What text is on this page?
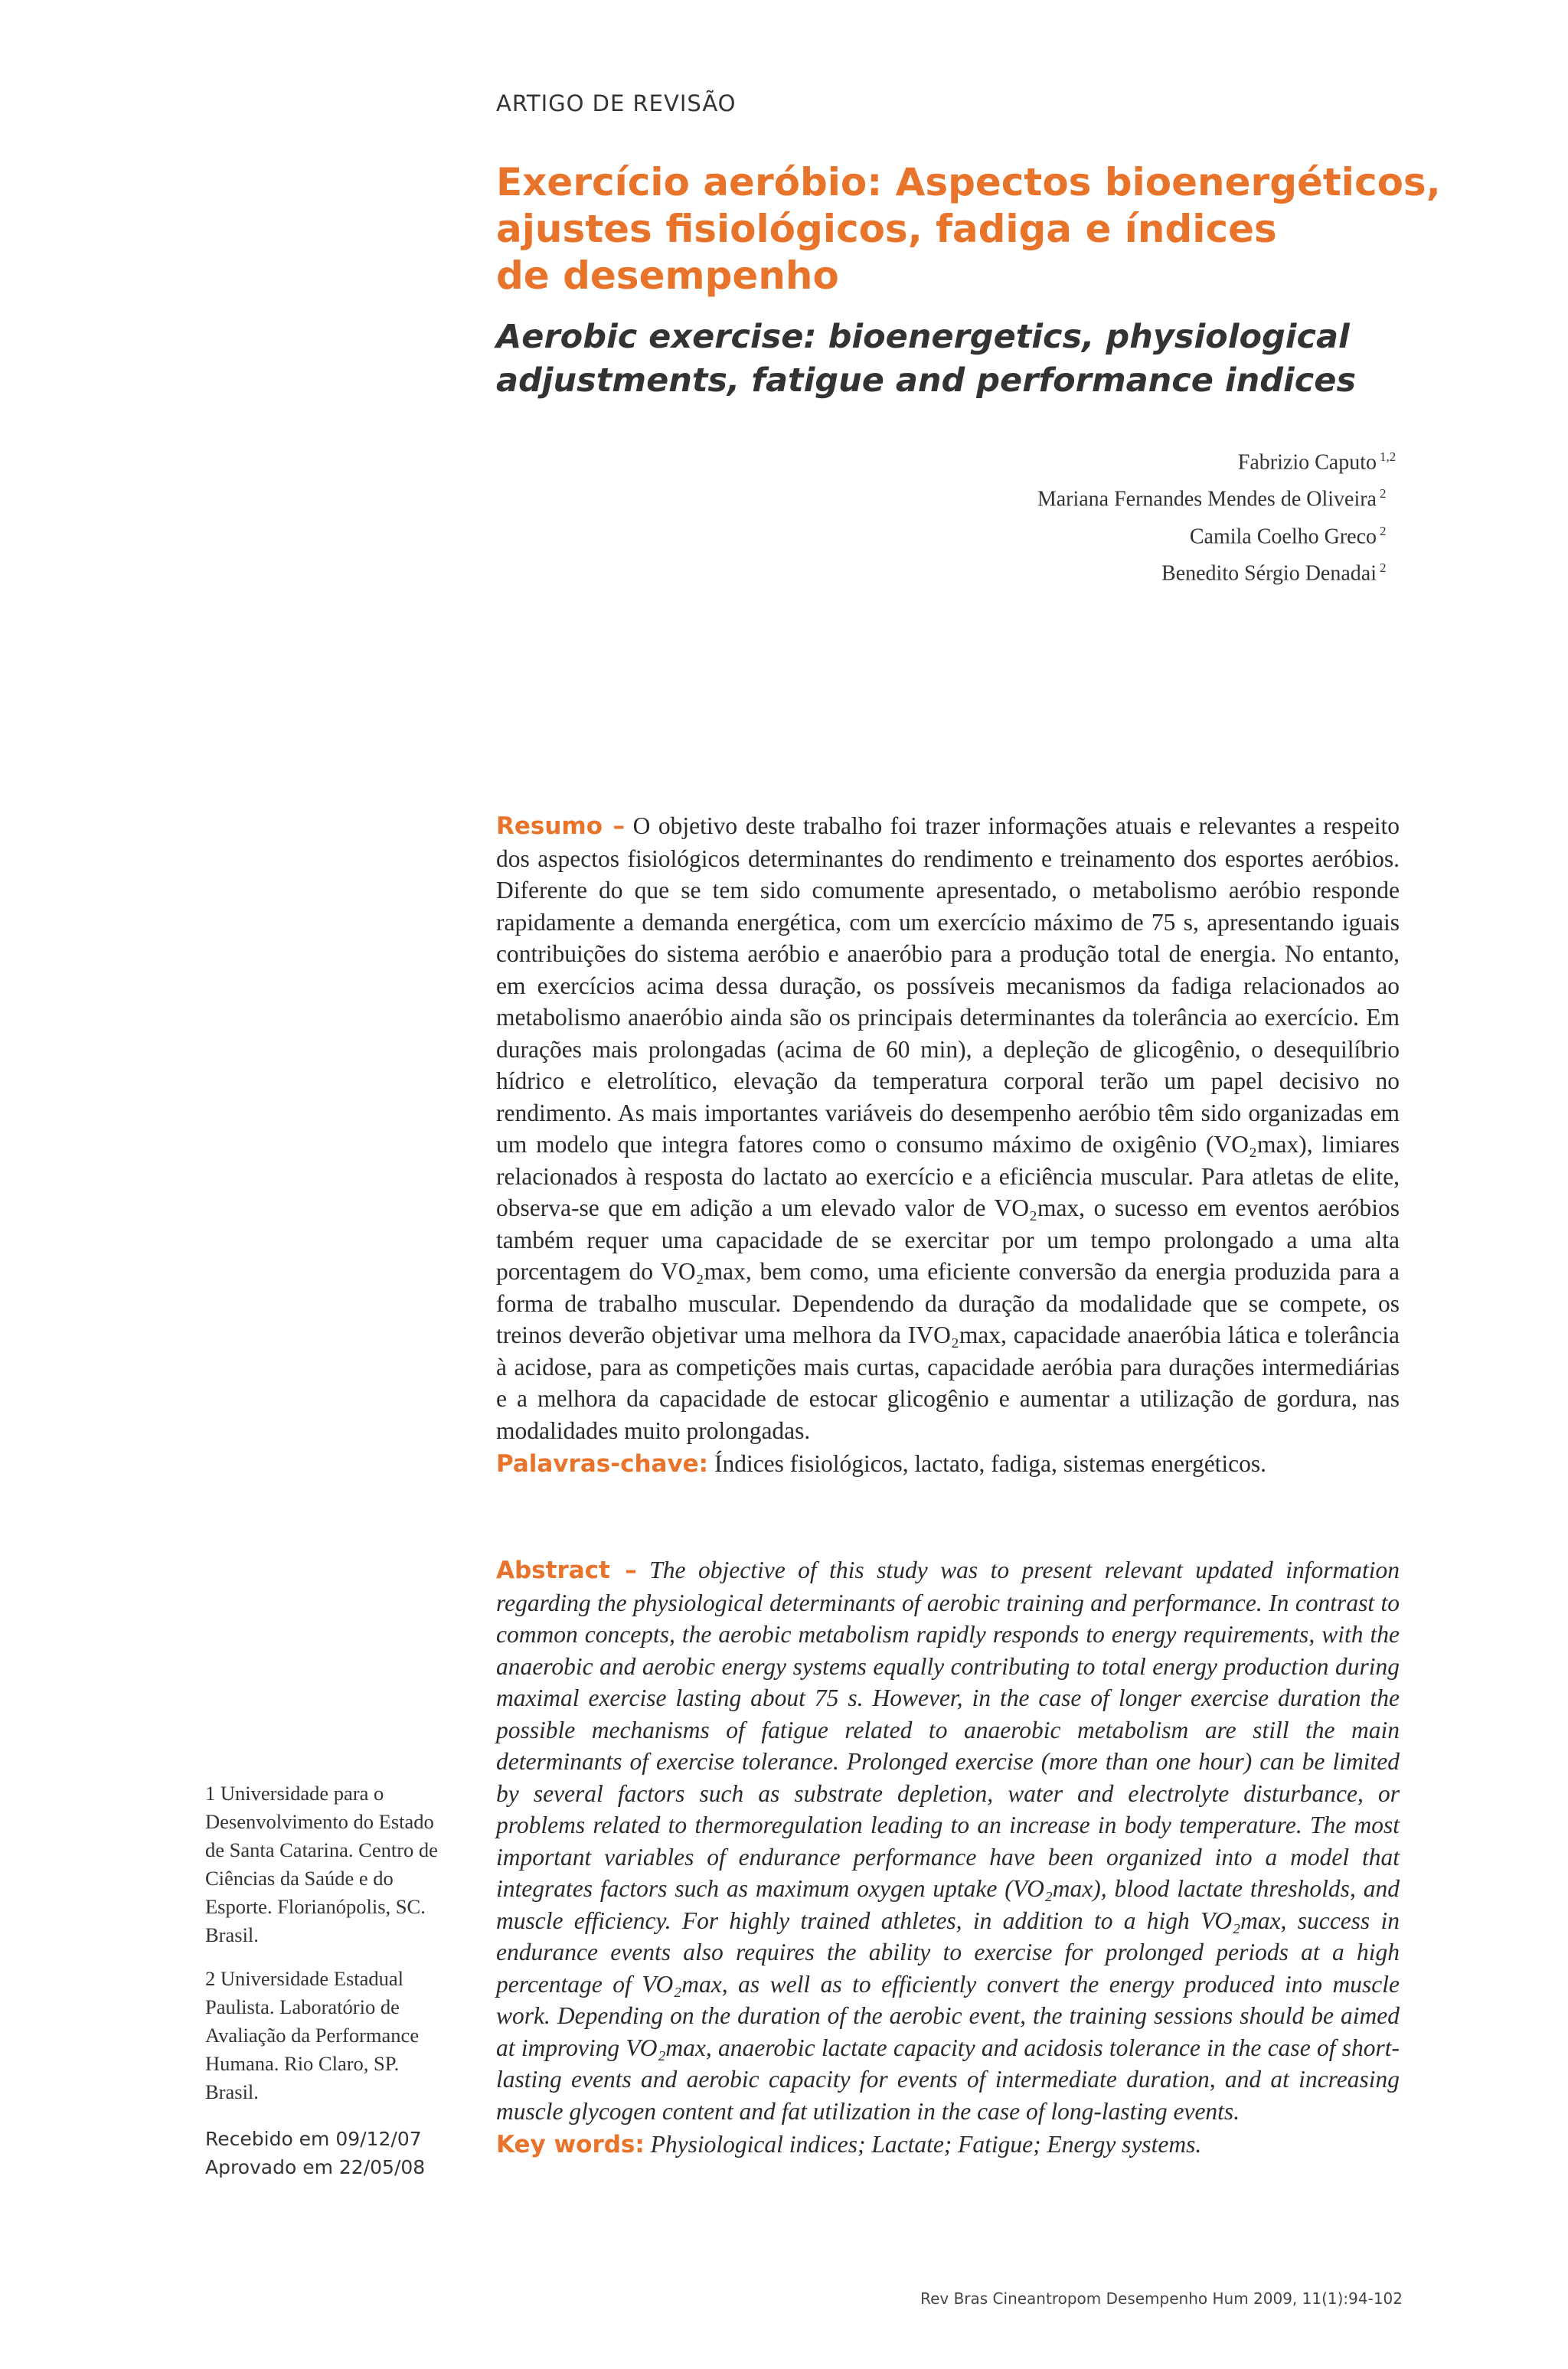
ARTIGO DE REVISÃO
Exercício aeróbio: Aspectos bioenergéticos,
ajustes fisiológicos, fadiga e índices
de desempenho
Aerobic exercise: bioenergetics, physiological
adjustments, fatigue and performance indices
Fabrizio Caputo 1,2
Mariana Fernandes Mendes de Oliveira 2
Camila Coelho Greco 2
Benedito Sérgio Denadai 2
Resumo – O objetivo deste trabalho foi trazer informações atuais e relevantes a respeito dos aspectos fisiológicos determinantes do rendimento e treinamento dos esportes aeróbios. Diferente do que se tem sido comumente apresentado, o metabolismo aeróbio responde rapidamente a demanda energética, com um exercício máximo de 75 s, apresentando iguais contribuições do sistema aeróbio e anaeróbio para a produção total de energia. No entanto, em exercícios acima dessa duração, os possíveis mecanismos da fadiga relacionados ao metabolismo anaeróbio ainda são os principais determinantes da tolerância ao exercício. Em durações mais prolongadas (acima de 60 min), a depleção de glicogênio, o desequilíbrio hídrico e eletrolítico, elevação da temperatura corporal terão um papel decisivo no rendimento. As mais importantes variáveis do desempenho aeróbio têm sido organizadas em um modelo que integra fatores como o consumo máximo de oxigênio (VO₂max), limiares relacionados à resposta do lactato ao exercício e a eficiência muscular. Para atletas de elite, observa-se que em adição a um elevado valor de VO₂max, o sucesso em eventos aeróbios também requer uma capacidade de se exercitar por um tempo prolongado a uma alta porcentagem do VO₂max, bem como, uma eficiente conversão da energia produzida para a forma de trabalho muscular. Dependendo da duração da modalidade que se compete, os treinos deverão objetivar uma melhora da IVO₂max, capacidade anaeróbia lática e tolerância à acidose, para as competições mais curtas, capacidade aeróbia para durações intermediárias e a melhora da capacidade de estocar glicogênio e aumentar a utilização de gordura, nas modalidades muito prolongadas.
Palavras-chave: Índices fisiológicos, lactato, fadiga, sistemas energéticos.
Abstract – The objective of this study was to present relevant updated information regarding the physiological determinants of aerobic training and performance. In contrast to common concepts, the aerobic metabolism rapidly responds to energy requirements, with the anaerobic and aerobic energy systems equally contributing to total energy production during maximal exercise lasting about 75 s. However, in the case of longer exercise duration the possible mechanisms of fatigue related to anaerobic metabolism are still the main determinants of exercise tolerance. Prolonged exercise (more than one hour) can be limited by several factors such as substrate depletion, water and electrolyte disturbance, or problems related to thermoregulation leading to an increase in body temperature. The most important variables of endurance performance have been organized into a model that integrates factors such as maximum oxygen uptake (VO₂max), blood lactate thresholds, and muscle efficiency. For highly trained athletes, in addition to a high VO₂max, success in endurance events also requires the ability to exercise for prolonged periods at a high percentage of VO₂max, as well as to efficiently convert the energy produced into muscle work. Depending on the duration of the aerobic event, the training sessions should be aimed at improving VO₂max, anaerobic lactate capacity and acidosis tolerance in the case of short-lasting events and aerobic capacity for events of intermediate duration, and at increasing muscle glycogen content and fat utilization in the case of long-lasting events.
Key words: Physiological indices; Lactate; Fatigue; Energy systems.

1 Universidade para o Desenvolvimento do Estado de Santa Catarina. Centro de Ciências da Saúde e do Esporte. Florianópolis, SC. Brasil.

2 Universidade Estadual Paulista. Laboratório de Avaliação da Performance Humana. Rio Claro, SP. Brasil.

Recebido em 09/12/07
Aprovado em 22/05/08

Rev Bras Cineantropom Desempenho Hum 2009, 11(1):94-102
